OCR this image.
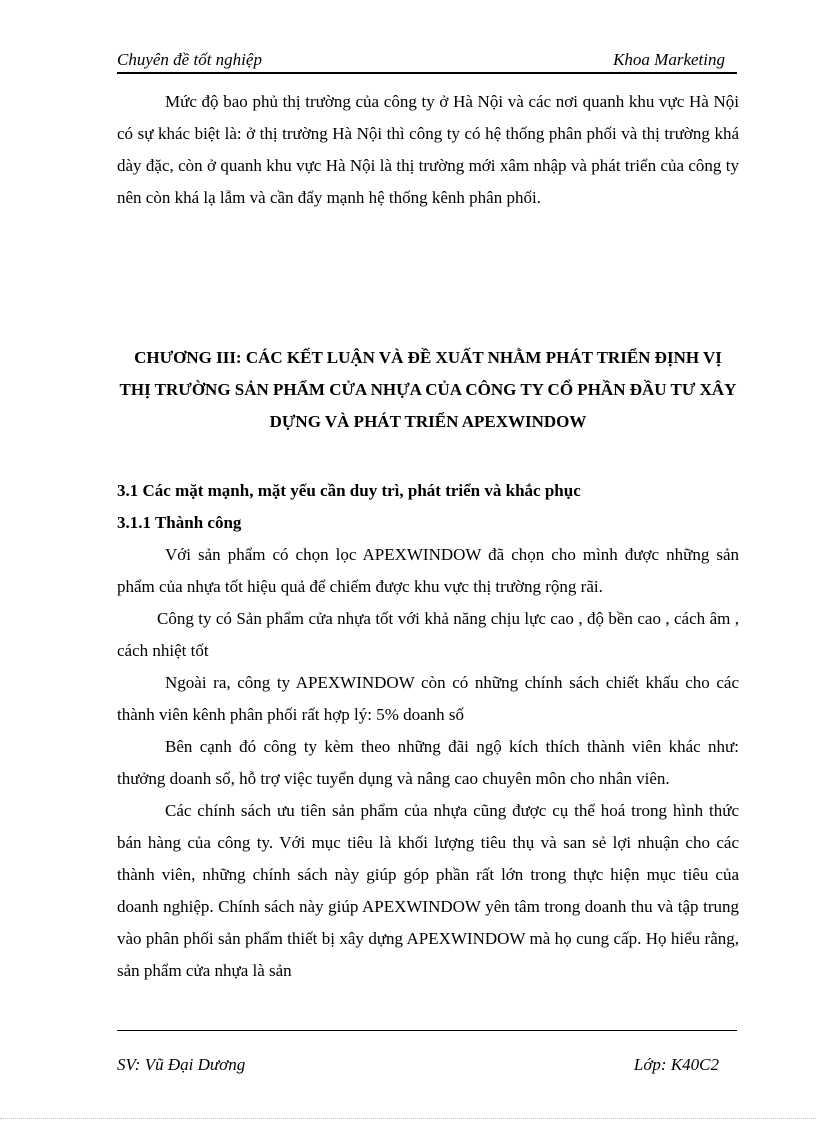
Chuyên đề tốt nghiệp	Khoa Marketing

Mức độ bao phủ thị trường của công ty ở Hà Nội và các nơi quanh khu vực Hà Nội có sự khác biệt là: ở thị trường Hà Nội thì công ty có hệ thống phân phối và thị trường khá dày đặc, còn ở quanh khu vực Hà Nội là thị trường mới xâm nhập và phát triển của công ty nên còn khá lạ lẫm và cần đẩy mạnh hệ thống kênh phân phối.

CHƯƠNG III: CÁC KẾT LUẬN VÀ ĐỀ XUẤT NHẰM PHÁT TRIỂN ĐỊNH VỊ THỊ TRƯỜNG SẢN PHẨM CỬA NHỰA CỦA CÔNG TY CỔ PHẦN ĐẦU TƯ XÂY DỰNG VÀ PHÁT TRIỂN APEXWINDOW

3.1 Các mặt mạnh, mặt yếu cần duy trì, phát triển và khắc phục

3.1.1 Thành công

Với sản phẩm có chọn lọc APEXWINDOW đã chọn cho mình được những sản phẩm của nhựa tốt hiệu quả để chiếm được khu vực thị trường rộng rãi.

Công ty có Sản phẩm cửa nhựa tốt với khả năng chịu lực cao , độ bền cao , cách âm , cách nhiệt tốt

Ngoài ra, công ty APEXWINDOW còn có những chính sách chiết khấu cho các thành viên kênh phân phối rất hợp lý: 5% doanh số

Bên cạnh đó công ty kèm theo những đãi ngộ kích thích thành viên khác như: thưởng doanh số, hỗ trợ việc tuyển dụng và nâng cao chuyên môn cho nhân viên.

Các chính sách ưu tiên sản phẩm của nhựa cũng được cụ thể hoá trong hình thức bán hàng của công ty. Với mục tiêu là khối lượng tiêu thụ và san sẻ lợi nhuận cho các thành viên, những chính sách này giúp góp phần rất lớn trong thực hiện mục tiêu của doanh nghiệp. Chính sách này giúp APEXWINDOW yên tâm trong doanh thu và tập trung vào phân phối sản phẩm thiết bị xây dựng APEXWINDOW mà họ cung cấp. Họ hiểu rằng, sản phẩm cửa nhựa là sản

SV: Vũ Đại Dương	Lớp: K40C2
